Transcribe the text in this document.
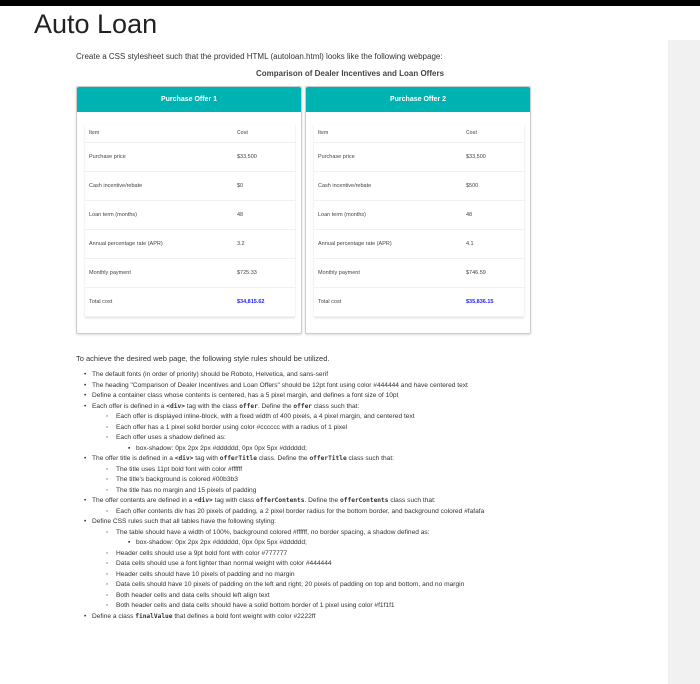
Auto Loan
Create a CSS stylesheet such that the provided HTML (autoloan.html) looks like the following webpage:
Comparison of Dealer Incentives and Loan Offers
Purchase Offer 1
Item	Cost
Purchase price	$33,500
Cash incentive/rebate	$0
Loan term (months)	48
Annual percentage rate (APR)	3.2
Monthly payment	$725.33
Total cost	$34,815.62
Purchase Offer 2
Item	Cost
Purchase price	$33,500
Cash incentive/rebate	$500
Loan term (months)	48
Annual percentage rate (APR)	4.1
Monthly payment	$746.59
Total cost	$35,836.15
To achieve the desired web page, the following style rules should be utilized.
• The default fonts (in order of priority) should be Roboto, Helvetica, and sans-serif
• The heading "Comparison of Dealer Incentives and Loan Offers" should be 12pt font using color #444444 and have centered text
• Define a container class whose contents is centered, has a 5 pixel margin, and defines a font size of 10pt
• Each offer is defined in a <div> tag with the class offer. Define the offer class such that:
◦ Each offer is displayed inline-block, with a fixed width of 400 pixels, a 4 pixel margin, and centered text
◦ Each offer has a 1 pixel solid border using color #cccccc with a radius of 1 pixel
◦ Each offer uses a shadow defined as:
▪ box-shadow: 0px 2px 2px #dddddd, 0px 0px 5px #dddddd;
• The offer title is defined in a <div> tag with offerTitle class. Define the offerTitle class such that:
◦ The title uses 11pt bold font with color #ffffff
◦ The title's background is colored #00b3b3
◦ The title has no margin and 15 pixels of padding
• The offer contents are defined in a <div> tag with class offerContents. Define the offerContents class such that:
◦ Each offer contents div has 20 pixels of padding, a 2 pixel border radius for the bottom border, and background colored #fafafa
• Define CSS rules such that all tables have the following styling:
◦ The table should have a width of 100%, background colored #ffffff, no border spacing, a shadow defined as:
▪ box-shadow: 0px 2px 2px #dddddd, 0px 0px 5px #dddddd;
◦ Header cells should use a 9pt bold font with color #777777
◦ Data cells should use a font lighter than normal weight with color #444444
◦ Header cells should have 10 pixels of padding and no margin
◦ Data cells should have 10 pixels of padding on the left and right, 20 pixels of padding on top and bottom, and no margin
◦ Both header cells and data cells should left align text
◦ Both header cells and data cells should have a solid bottom border of 1 pixel using color #f1f1f1
• Define a class finalValue that defines a bold font weight with color #2222ff
